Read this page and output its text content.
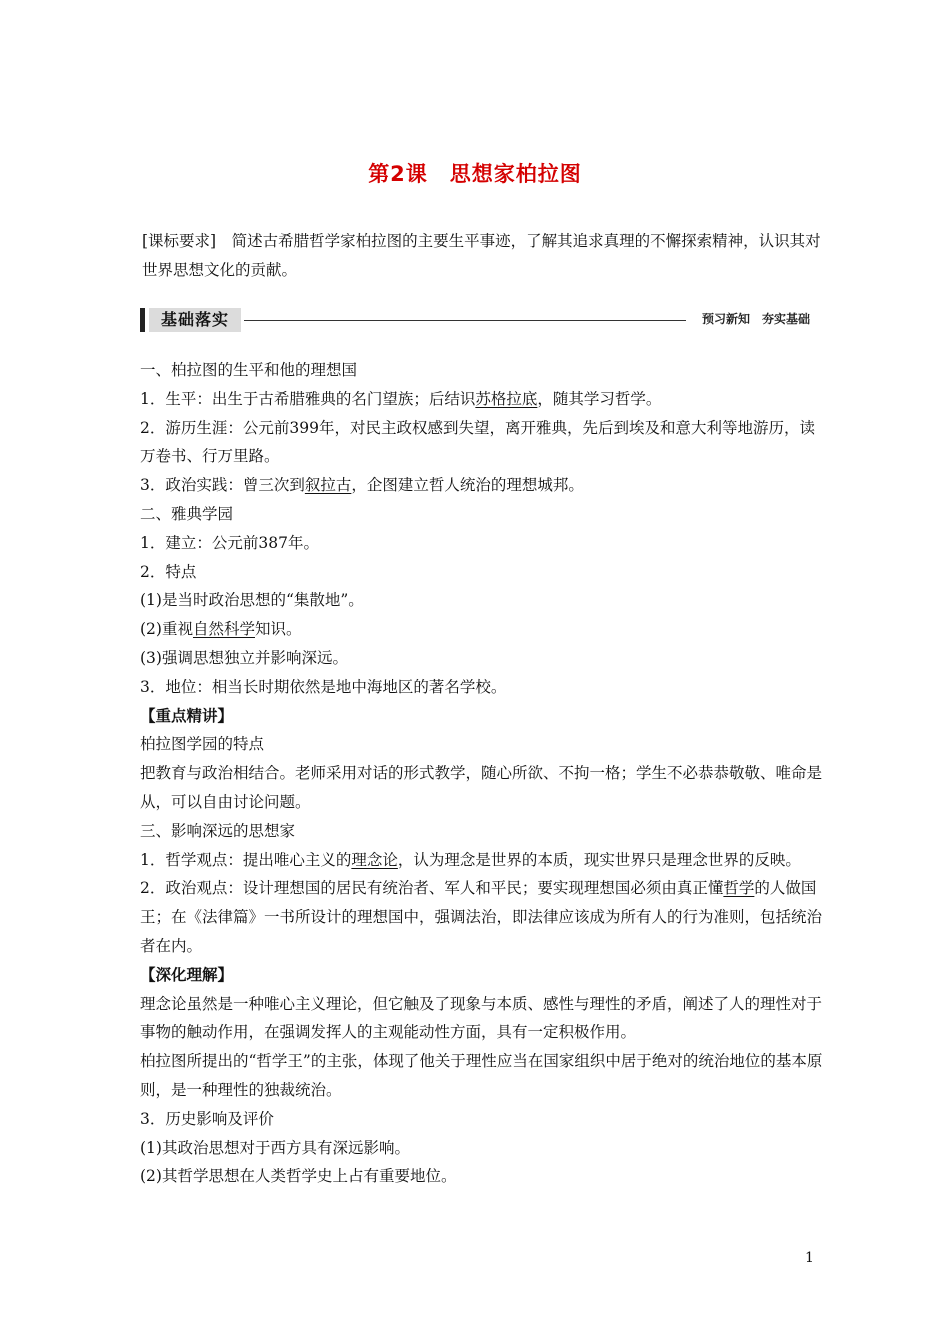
第2课　思想家柏拉图
[课标要求]　简述古希腊哲学家柏拉图的主要生平事迹，了解其追求真理的不懈探索精神，认识其对世界思想文化的贡献。
基础落实	预习新知　夯实基础

一、柏拉图的生平和他的理想国

1．生平：出生于古希腊雅典的名门望族；后结识苏格拉底，随其学习哲学。

2．游历生涯：公元前399年，对民主政权感到失望，离开雅典，先后到埃及和意大利等地游历，读万卷书、行万里路。

3．政治实践：曾三次到叙拉古，企图建立哲人统治的理想城邦。

二、雅典学园

1．建立：公元前387年。

2．特点

(1)是当时政治思想的“集散地”。

(2)重视自然科学知识。

(3)强调思想独立并影响深远。

3．地位：相当长时期依然是地中海地区的著名学校。

【重点精讲】

柏拉图学园的特点

把教育与政治相结合。老师采用对话的形式教学，随心所欲、不拘一格；学生不必恭恭敬敬、唯命是从，可以自由讨论问题。

三、影响深远的思想家

1．哲学观点：提出唯心主义的理念论，认为理念是世界的本质，现实世界只是理念世界的反映。

2．政治观点：设计理想国的居民有统治者、军人和平民；要实现理想国必须由真正懂哲学的人做国王；在《法律篇》一书所设计的理想国中，强调法治，即法律应该成为所有人的行为准则，包括统治者在内。

【深化理解】

理念论虽然是一种唯心主义理论，但它触及了现象与本质、感性与理性的矛盾，阐述了人的理性对于事物的触动作用，在强调发挥人的主观能动性方面，具有一定积极作用。

柏拉图所提出的“哲学王”的主张，体现了他关于理性应当在国家组织中居于绝对的统治地位的基本原则，是一种理性的独裁统治。

3．历史影响及评价

(1)其政治思想对于西方具有深远影响。

(2)其哲学思想在人类哲学史上占有重要地位。

1
